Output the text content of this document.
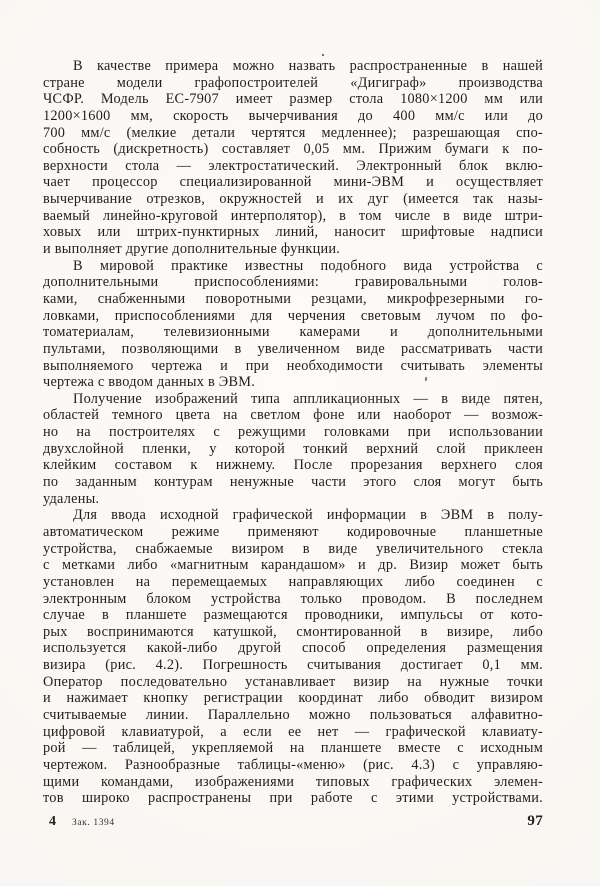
В качестве примера можно назвать распространенные в нашей
стране модели графопостроителей «Дигиграф» производства
ЧСФР. Модель ЕС-7907 имеет размер стола 1080×1200 мм или
1200×1600 мм, скорость вычерчивания до 400 мм/с или до
700 мм/с (мелкие детали чертятся медленнее); разрешающая спо-
собность (дискретность) составляет 0,05 мм. Прижим бумаги к по-
верхности стола — электростатический. Электронный блок вклю-
чает процессор специализированной мини-ЭВМ и осуществляет
вычерчивание отрезков, окружностей и их дуг (имеется так назы-
ваемый линейно-круговой интерполятор), в том числе в виде штри-
ховых или штрих-пунктирных линий, наносит шрифтовые надписи
и выполняет другие дополнительные функции.
В мировой практике известны подобного вида устройства с
дополнительными приспособлениями: гравировальными голов-
ками, снабженными поворотными резцами, микрофрезерными го-
ловками, приспособлениями для черчения световым лучом по фо-
томатериалам, телевизионными камерами и дополнительными
пультами, позволяющими в увеличенном виде рассматривать части
выполняемого чертежа и при необходимости считывать элементы
чертежа с вводом данных в ЭВМ.
Получение изображений типа аппликационных — в виде пятен,
областей темного цвета на светлом фоне или наоборот — возмож-
но на построителях с режущими головками при использовании
двухслойной пленки, у которой тонкий верхний слой приклеен
клейким составом к нижнему. После прорезания верхнего слоя
по заданным контурам ненужные части этого слоя могут быть
удалены.
Для ввода исходной графической информации в ЭВМ в полу-
автоматическом режиме применяют кодировочные планшетные
устройства, снабжаемые визиром в виде увеличительного стекла
с метками либо «магнитным карандашом» и др. Визир может быть
установлен на перемещаемых направляющих либо соединен с
электронным блоком устройства только проводом. В последнем
случае в планшете размещаются проводники, импульсы от кото-
рых воспринимаются катушкой, смонтированной в визире, либо
используется какой-либо другой способ определения размещения
визира (рис. 4.2). Погрешность считывания достигает 0,1 мм.
Оператор последовательно устанавливает визир на нужные точки
и нажимает кнопку регистрации координат либо обводит визиром
считываемые линии. Параллельно можно пользоваться алфавитно-
цифровой клавиатурой, а если ее нет — графической клавиату-
рой — таблицей, укрепляемой на планшете вместе с исходным
чертежом. Разнообразные таблицы-«меню» (рис. 4.3) с управляю-
щими командами, изображениями типовых графических элемен-
тов широко распространены при работе с этими устройствами.
4 Зак. 1394	97
